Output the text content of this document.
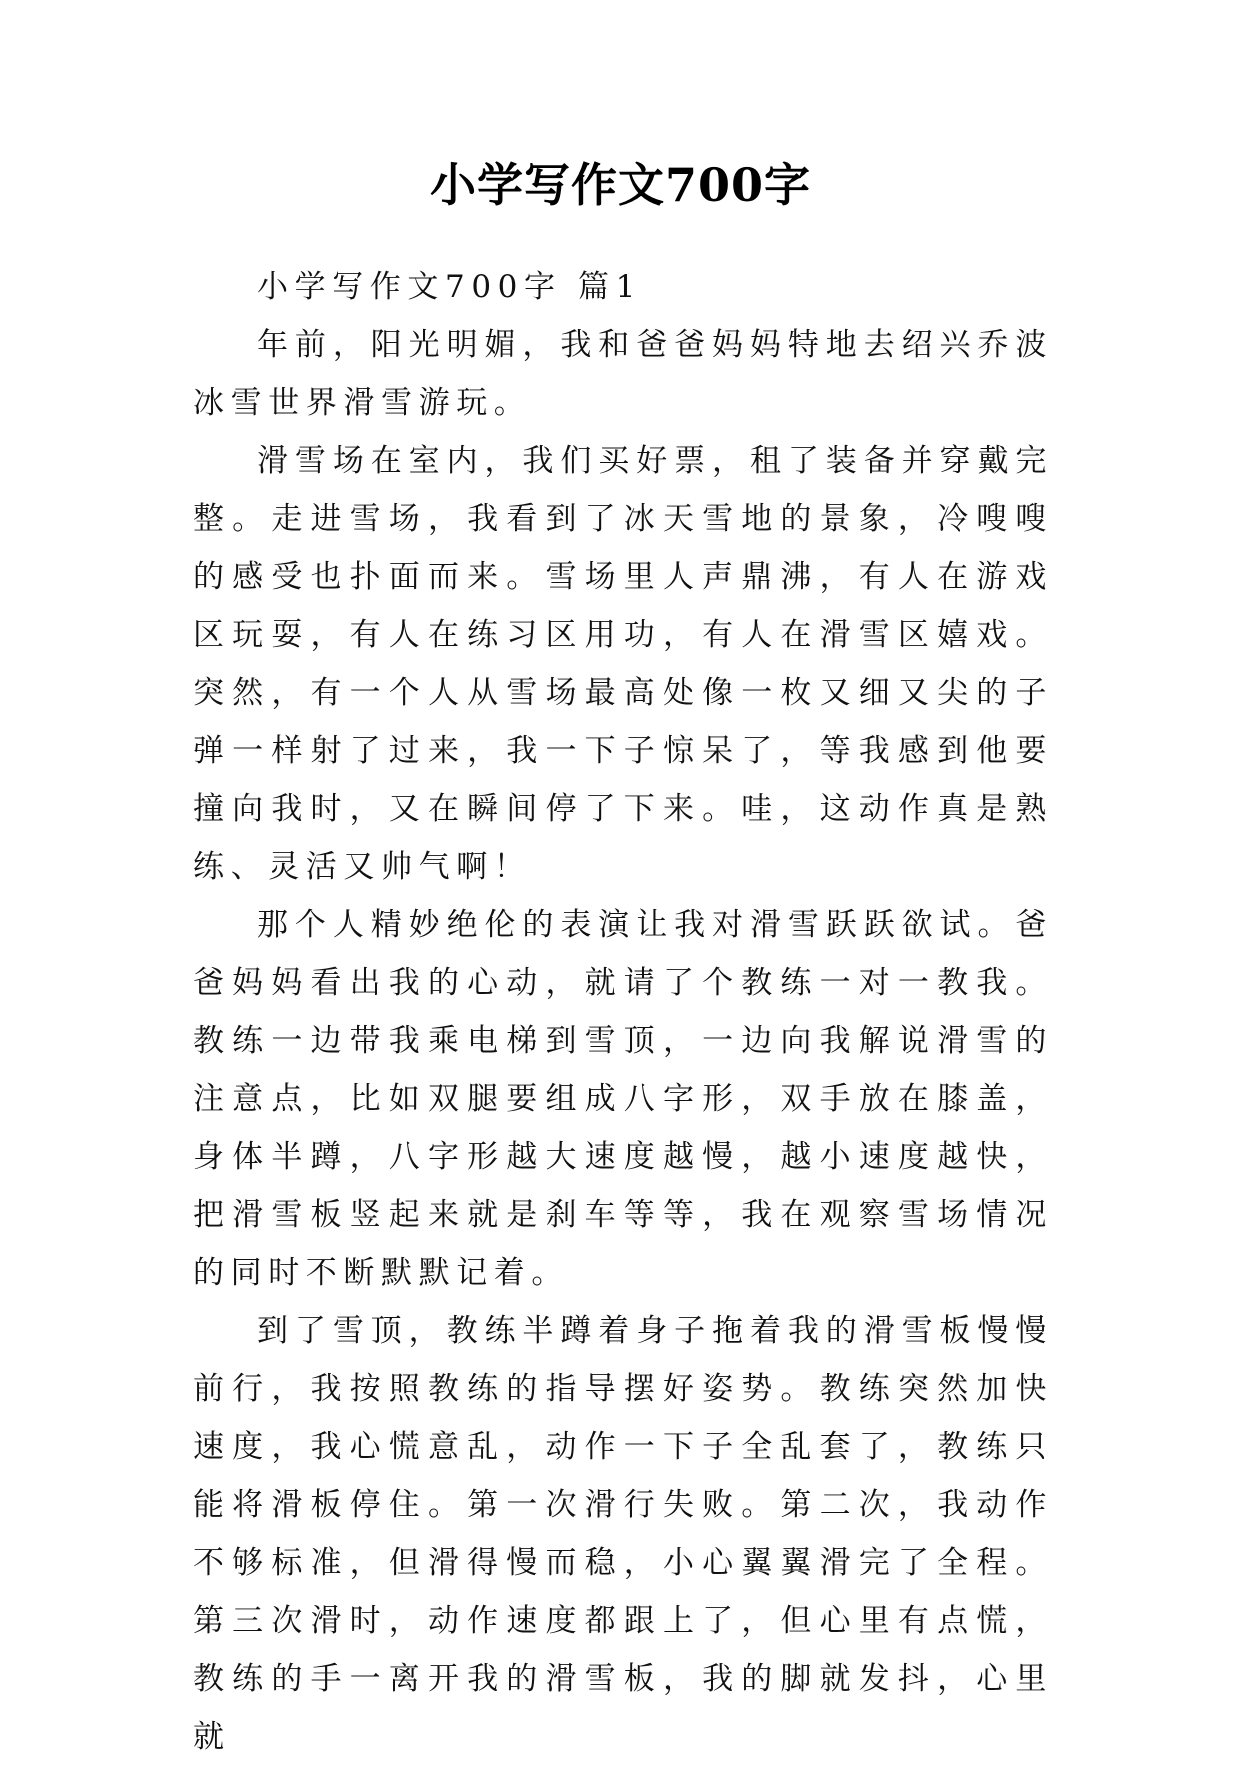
小学写作文700字

小学写作文700字 篇1

年前，阳光明媚，我和爸爸妈妈特地去绍兴乔波冰雪世界滑雪游玩。

滑雪场在室内，我们买好票，租了装备并穿戴完整。走进雪场，我看到了冰天雪地的景象，冷嗖嗖的感受也扑面而来。雪场里人声鼎沸，有人在游戏区玩耍，有人在练习区用功，有人在滑雪区嬉戏。突然，有一个人从雪场最高处像一枚又细又尖的子弹一样射了过来，我一下子惊呆了，等我感到他要撞向我时，又在瞬间停了下来。哇，这动作真是熟练、灵活又帅气啊！

那个人精妙绝伦的表演让我对滑雪跃跃欲试。爸爸妈妈看出我的心动，就请了个教练一对一教我。教练一边带我乘电梯到雪顶，一边向我解说滑雪的注意点，比如双腿要组成八字形，双手放在膝盖，身体半蹲，八字形越大速度越慢，越小速度越快，把滑雪板竖起来就是刹车等等，我在观察雪场情况的同时不断默默记着。

到了雪顶，教练半蹲着身子拖着我的滑雪板慢慢前行，我按照教练的指导摆好姿势。教练突然加快速度，我心慌意乱，动作一下子全乱套了，教练只能将滑板停住。第一次滑行失败。第二次，我动作不够标准，但滑得慢而稳，小心翼翼滑完了全程。第三次滑时，动作速度都跟上了，但心里有点慌，教练的手一离开我的滑雪板，我的脚就发抖，心里就
